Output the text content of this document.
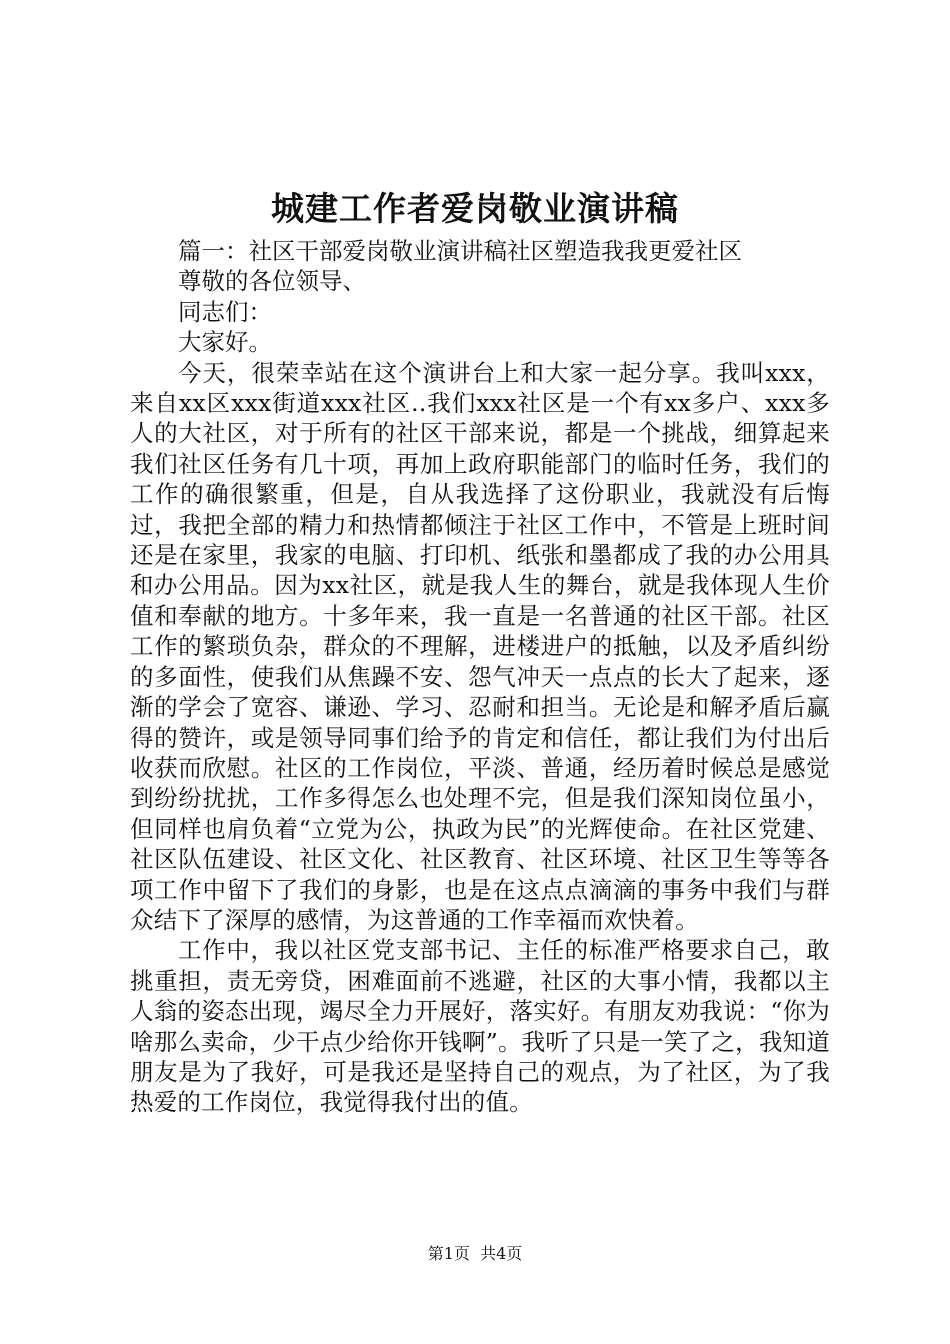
城建工作者爱岗敬业演讲稿

篇一：社区干部爱岗敬业演讲稿社区塑造我我更爱社区

尊敬的各位领导、

同志们：

大家好。

今天，很荣幸站在这个演讲台上和大家一起分享。我叫xxx，来自xx区xxx街道xxx社区..我们xxx社区是一个有xx多户、xxx多人的大社区，对于所有的社区干部来说，都是一个挑战，细算起来我们社区任务有几十项，再加上政府职能部门的临时任务，我们的工作的确很繁重，但是，自从我选择了这份职业，我就没有后悔过，我把全部的精力和热情都倾注于社区工作中，不管是上班时间还是在家里，我家的电脑、打印机、纸张和墨都成了我的办公用具和办公用品。因为xx社区，就是我人生的舞台，就是我体现人生价值和奉献的地方。十多年来，我一直是一名普通的社区干部。社区工作的繁琐负杂，群众的不理解，进楼进户的抵触，以及矛盾纠纷的多面性，使我们从焦躁不安、怨气冲天一点点的长大了起来，逐渐的学会了宽容、谦逊、学习、忍耐和担当。无论是和解矛盾后赢得的赞许，或是领导同事们给予的肯定和信任，都让我们为付出后收获而欣慰。社区的工作岗位，平淡、普通，经历着时候总是感觉到纷纷扰扰，工作多得怎么也处理不完，但是我们深知岗位虽小，但同样也肩负着“立党为公，执政为民”的光辉使命。在社区党建、社区队伍建设、社区文化、社区教育、社区环境、社区卫生等等各项工作中留下了我们的身影，也是在这点点滴滴的事务中我们与群众结下了深厚的感情，为这普通的工作幸福而欢快着。

工作中，我以社区党支部书记、主任的标准严格要求自己，敢挑重担，责无旁贷，困难面前不逃避，社区的大事小情，我都以主人翁的姿态出现，竭尽全力开展好，落实好。有朋友劝我说：“你为啥那么卖命，少干点少给你开钱啊”。我听了只是一笑了之，我知道朋友是为了我好，可是我还是坚持自己的观点，为了社区，为了我热爱的工作岗位，我觉得我付出的值。

第1页  共4页
